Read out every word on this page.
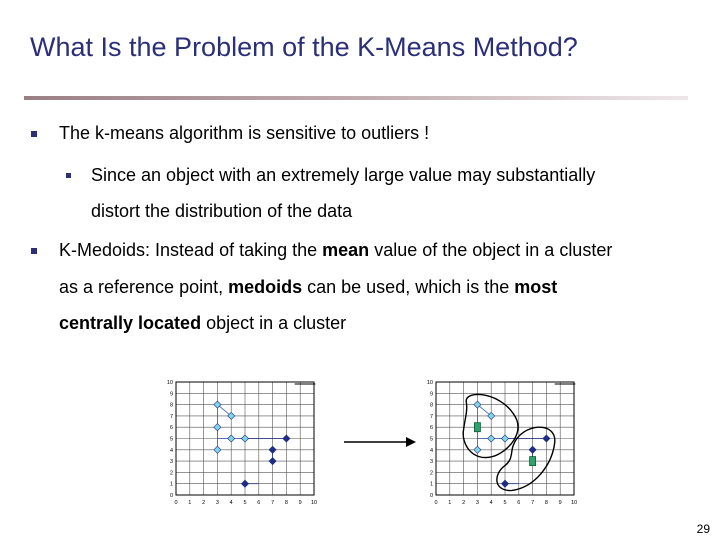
What Is the Problem of the K-Means Method?
The k-means algorithm is sensitive to outliers !
Since an object with an extremely large value may substantially
distort the distribution of the data
K-Medoids: Instead of taking the mean value of the object in a cluster
as a reference point, medoids can be used, which is the most
centrally located object in a cluster
0 1 2 3 4 5 6 7 8 9 10
0
1
2
3
4
5
6
7
8
9
10
0 1 2 3 4 5 6 7 8 9 10
0
1
2
3
4
5
6
7
8
9
10
29
